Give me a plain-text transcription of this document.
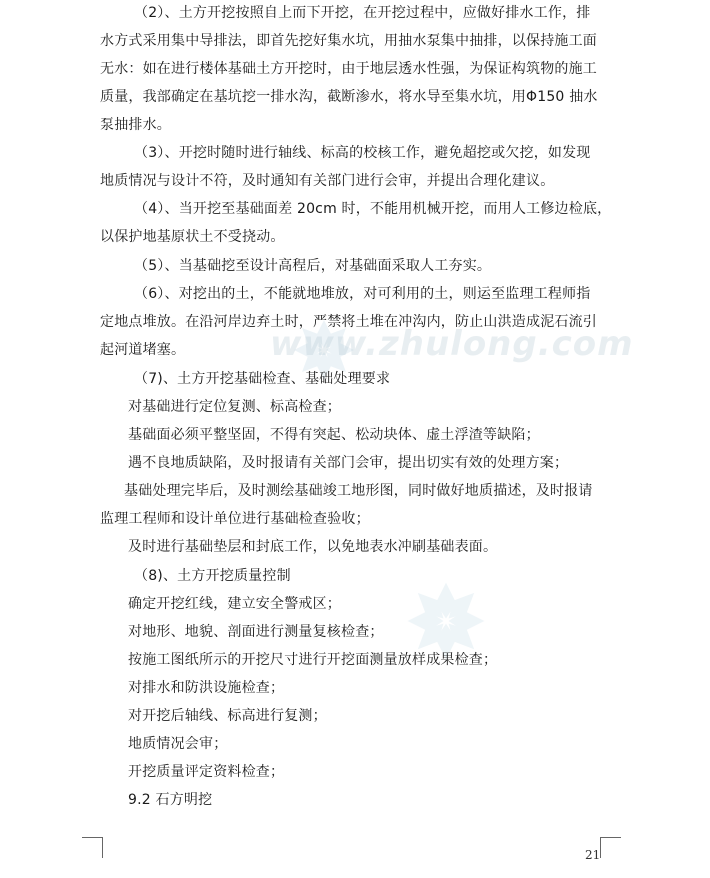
www.zhulong.com
（2）、土方开挖按照自上而下开挖，在开挖过程中，应做好排水工作，排
水方式采用集中导排法，即首先挖好集水坑，用抽水泵集中抽排，以保持施工面
无水：如在进行楼体基础土方开挖时，由于地层透水性强，为保证构筑物的施工
质量，我部确定在基坑挖一排水沟，截断渗水，将水导至集水坑，用Φ150 抽水
泵抽排水。
（3）、开挖时随时进行轴线、标高的校核工作，避免超挖或欠挖，如发现
地质情况与设计不符，及时通知有关部门进行会审，并提出合理化建议。
（4）、当开挖至基础面差 20cm 时，不能用机械开挖，而用人工修边检底，
以保护地基原状土不受挠动。
（5）、当基础挖至设计高程后，对基础面采取人工夯实。
（6）、对挖出的土，不能就地堆放，对可利用的土，则运至监理工程师指
定地点堆放。在沿河岸边弃土时，严禁将土堆在冲沟内，防止山洪造成泥石流引
起河道堵塞。
（7)、土方开挖基础检查、基础处理要求
对基础进行定位复测、标高检查；
基础面必须平整坚固，不得有突起、松动块体、虚土浮渣等缺陷；
遇不良地质缺陷，及时报请有关部门会审，提出切实有效的处理方案；
基础处理完毕后，及时测绘基础竣工地形图，同时做好地质描述，及时报请
监理工程师和设计单位进行基础检查验收；
及时进行基础垫层和封底工作，以免地表水冲刷基础表面。
（8)、土方开挖质量控制
确定开挖红线，建立安全警戒区；
对地形、地貌、剖面进行测量复核检查；
按施工图纸所示的开挖尺寸进行开挖面测量放样成果检查；
对排水和防洪设施检查；
对开挖后轴线、标高进行复测；
地质情况会审；
开挖质量评定资料检查；
9.2 石方明挖
21
